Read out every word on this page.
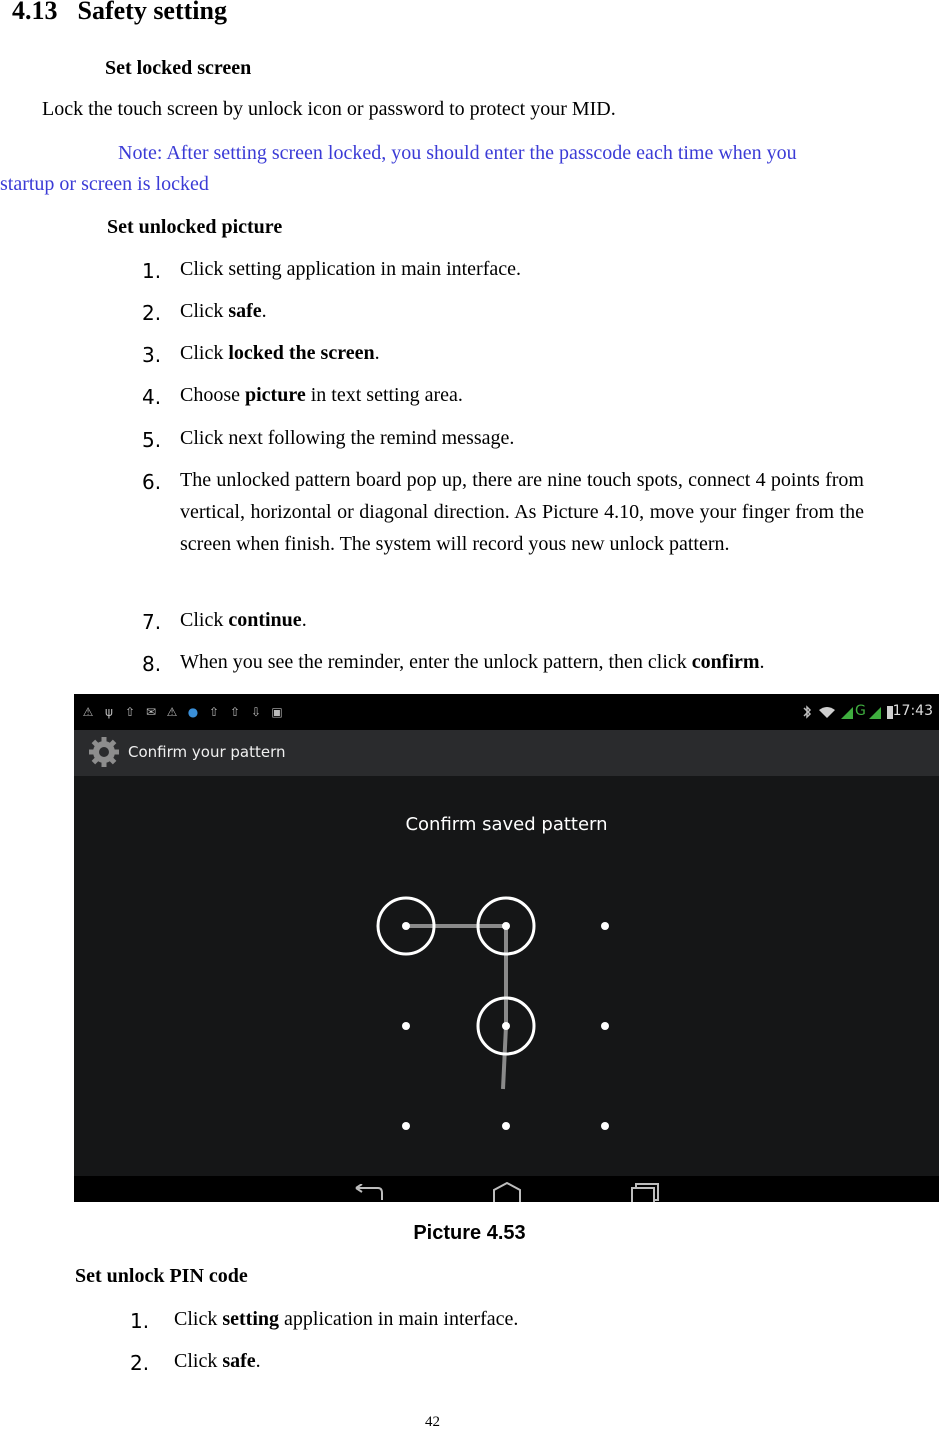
4.13 Safety setting
Set locked screen
Lock the touch screen by unlock icon or password to protect your MID.
Note: After setting screen locked, you should enter the passcode each time when you
startup or screen is locked
Set unlocked picture
1. Click setting application in main interface.
2. Click safe.
3. Click locked the screen.
4. Choose picture in text setting area.
5. Click next following the remind message.
6. The unlocked pattern board pop up, there are nine touch spots, connect 4 points from vertical, horizontal or diagonal direction. As Picture 4.10, move your finger from the screen when finish. The system will record yous new unlock pattern.
7. Click continue.
8. When you see the reminder, enter the unlock pattern, then click confirm.
⚠ ψ ⇧ ✉ ⚠ ● ⇧ ⇧ ⇩ ▣	G 17:43
Confirm your pattern
Confirm saved pattern
Picture 4.53
Set unlock PIN code
1. Click setting application in main interface.
2. Click safe.
42
